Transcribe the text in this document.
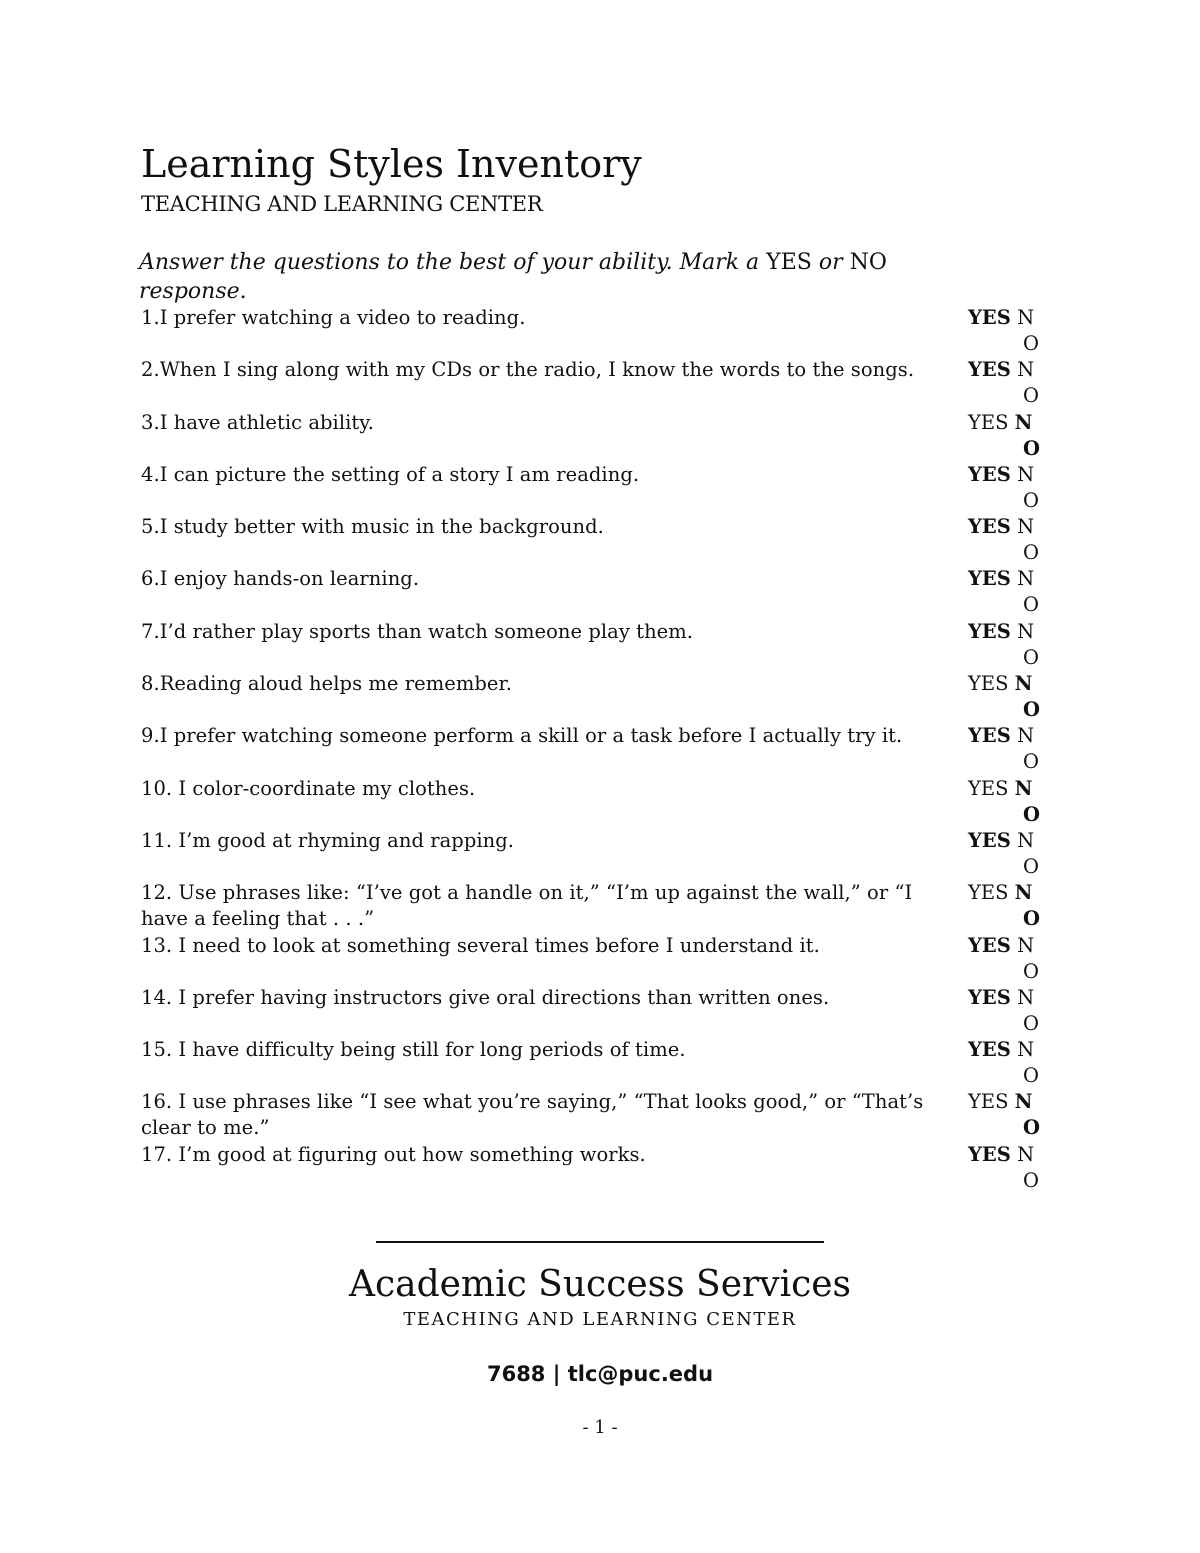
Learning Styles Inventory

TEACHING AND LEARNING CENTER

Answer the questions to the best of your ability. Mark a YES or NO response.

1.I prefer watching a video to reading.	YES N
O
2.When I sing along with my CDs or the radio, I know the words to the songs.	YES N
O
3.I have athletic ability.	YES N
O
4.I can picture the setting of a story I am reading.	YES N
O
5.I study better with music in the background.	YES N
O
6.I enjoy hands-on learning.	YES N
O
7.I’d rather play sports than watch someone play them.	YES N
O
8.Reading aloud helps me remember.	YES N
O
9.I prefer watching someone perform a skill or a task before I actually try it.	YES N
O
10. I color-coordinate my clothes.	YES N
O
11. I’m good at rhyming and rapping.	YES N
O
12. Use phrases like: “I’ve got a handle on it,” “I’m up against the wall,” or “I have a feeling that . . .”
YES N
O
13. I need to look at something several times before I understand it.	YES N
O
14. I prefer having instructors give oral directions than written ones.	YES N
O
15. I have difficulty being still for long periods of time.	YES N
O
16. I use phrases like “I see what you’re saying,” “That looks good,” or “That’s clear to me.”
YES N
O
17. I’m good at figuring out how something works.	YES N
O
Academic Success Services

TEACHING AND LEARNING CENTER

7688 | tlc@puc.edu

- 1 -
